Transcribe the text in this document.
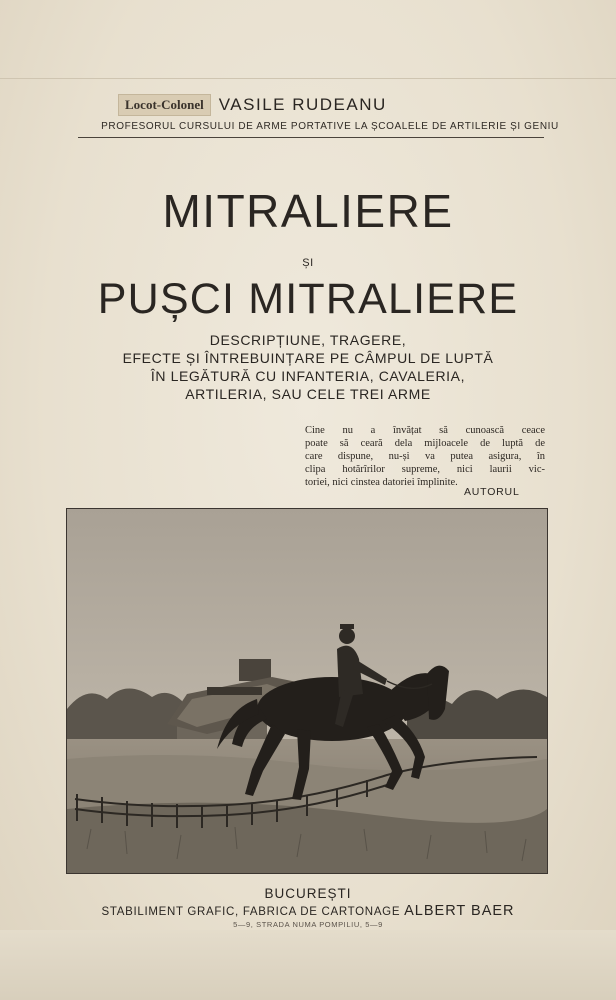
Locot-Colonel VASILE RUDEANU
PROFESORUL CURSULUI DE ARME PORTATIVE LA ȘCOALELE DE ARTILERIE ȘI GENIU
MITRALIERE
ȘI
PUȘCI MITRALIERE
DESCRIPȚIUNE, TRAGERE,
EFECTE ȘI ÎNTREBUINȚARE PE CÂMPUL DE LUPTĂ
ÎN LEGĂTURĂ CU INFANTERIA, CAVALERIA,
ARTILERIA, SAU CELE TREI ARME
Cine nu a învățat să cunoască ceace
poate să ceară dela mijloacele de luptă de
care dispune, nu-și va putea asigura, în
clipa hotărîrilor supreme, nici laurii vic-
toriei, nici cinstea datoriei împlinite.
AUTORUL
BUCUREȘTI
STABILIMENT GRAFIC, FABRICA DE CARTONAGE ALBERT BAER
5—9, STRADA NUMA POMPILIU, 5—9
